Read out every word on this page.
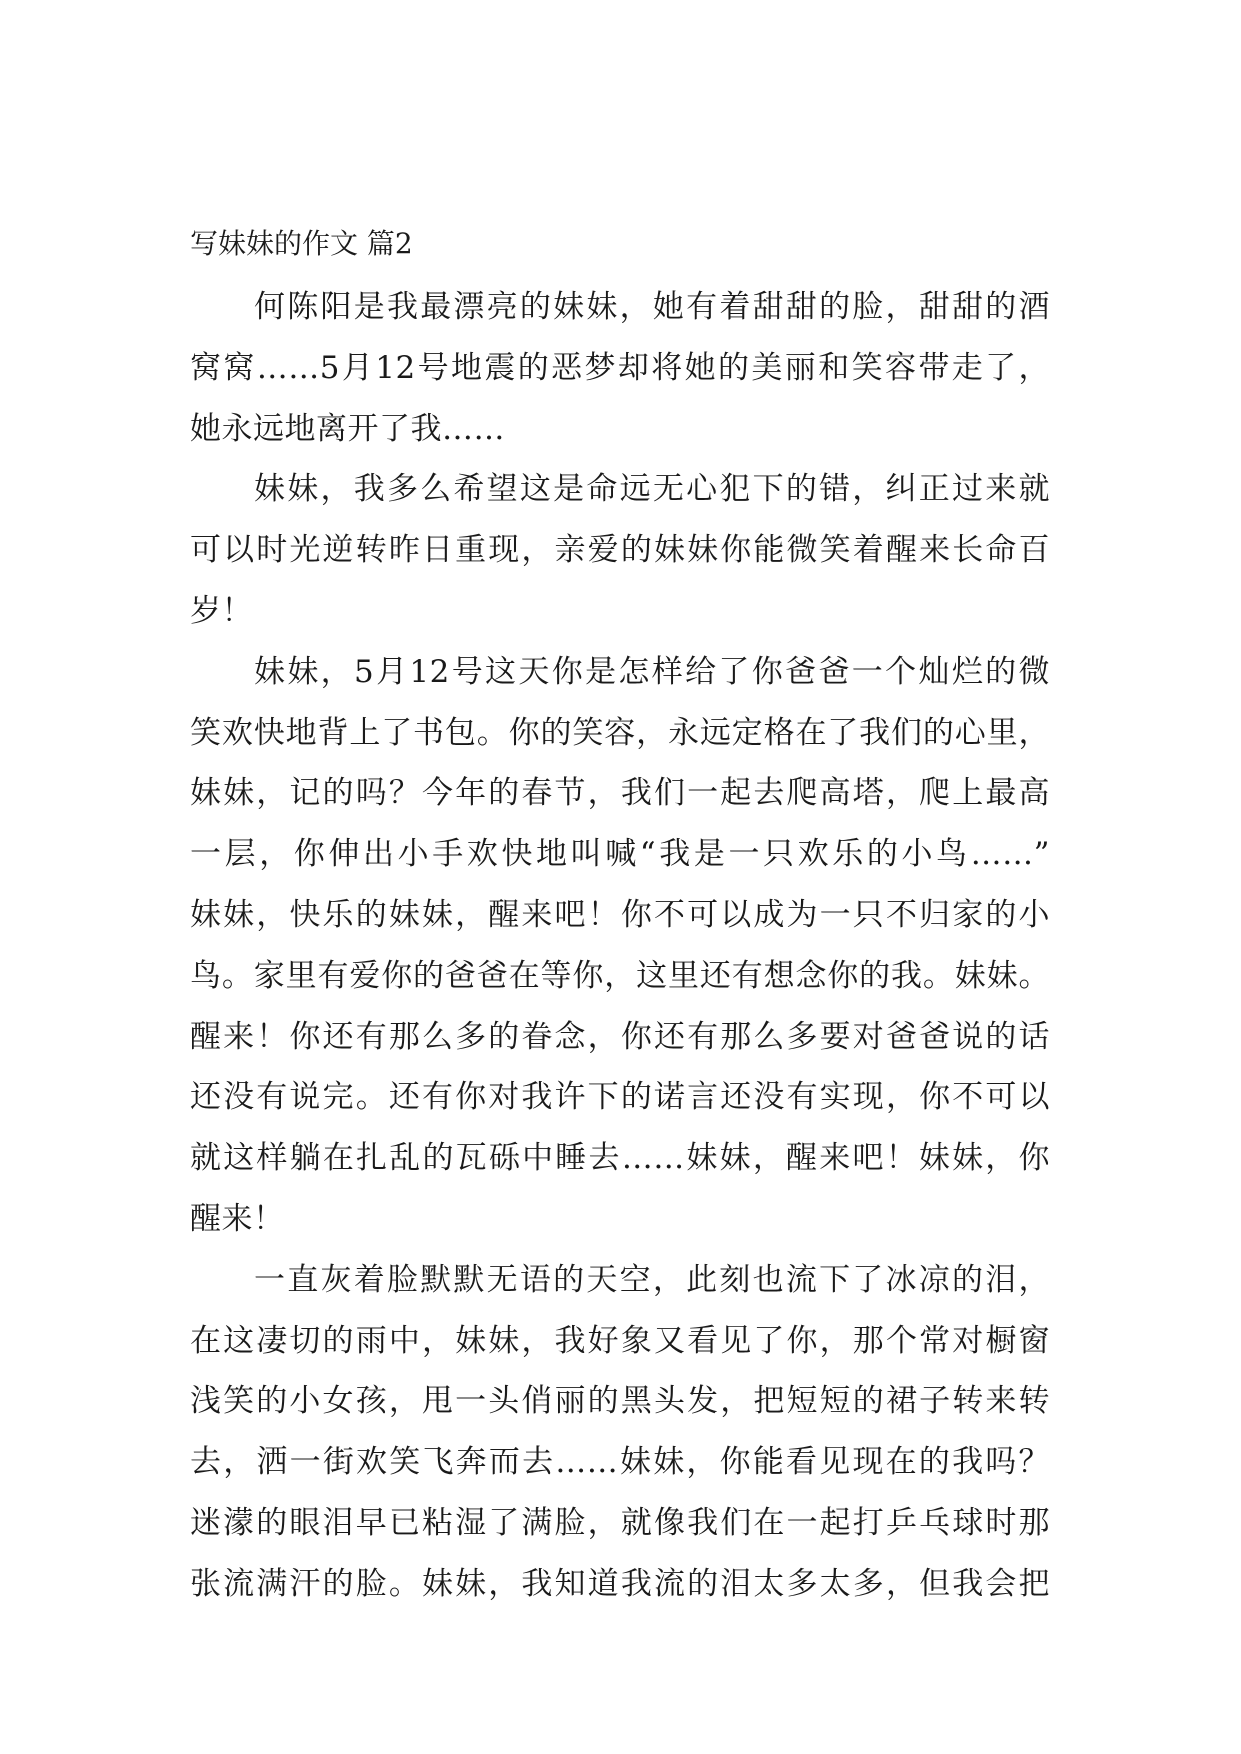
写妹妹的作文 篇2
何陈阳是我最漂亮的妹妹，她有着甜甜的脸，甜甜的酒
窝窝……5月12号地震的恶梦却将她的美丽和笑容带走了，
她永远地离开了我……
妹妹，我多么希望这是命远无心犯下的错，纠正过来就
可以时光逆转昨日重现，亲爱的妹妹你能微笑着醒来长命百
岁！
妹妹，5月12号这天你是怎样给了你爸爸一个灿烂的微
笑欢快地背上了书包。你的笑容，永远定格在了我们的心里，
妹妹，记的吗？今年的春节，我们一起去爬高塔，爬上最高
一层，你伸出小手欢快地叫喊“我是一只欢乐的小鸟……”
妹妹，快乐的妹妹，醒来吧！你不可以成为一只不归家的小
鸟。家里有爱你的爸爸在等你，这里还有想念你的我。妹妹。
醒来！你还有那么多的眷念，你还有那么多要对爸爸说的话
还没有说完。还有你对我许下的诺言还没有实现，你不可以
就这样躺在扎乱的瓦砾中睡去……妹妹，醒来吧！妹妹，你
醒来！
一直灰着脸默默无语的天空，此刻也流下了冰凉的泪，
在这凄切的雨中，妹妹，我好象又看见了你，那个常对橱窗
浅笑的小女孩，甩一头俏丽的黑头发，把短短的裙子转来转
去，洒一街欢笑飞奔而去……妹妹，你能看见现在的我吗？
迷濛的眼泪早已粘湿了满脸，就像我们在一起打乒乓球时那
张流满汗的脸。妹妹，我知道我流的泪太多太多，但我会把
